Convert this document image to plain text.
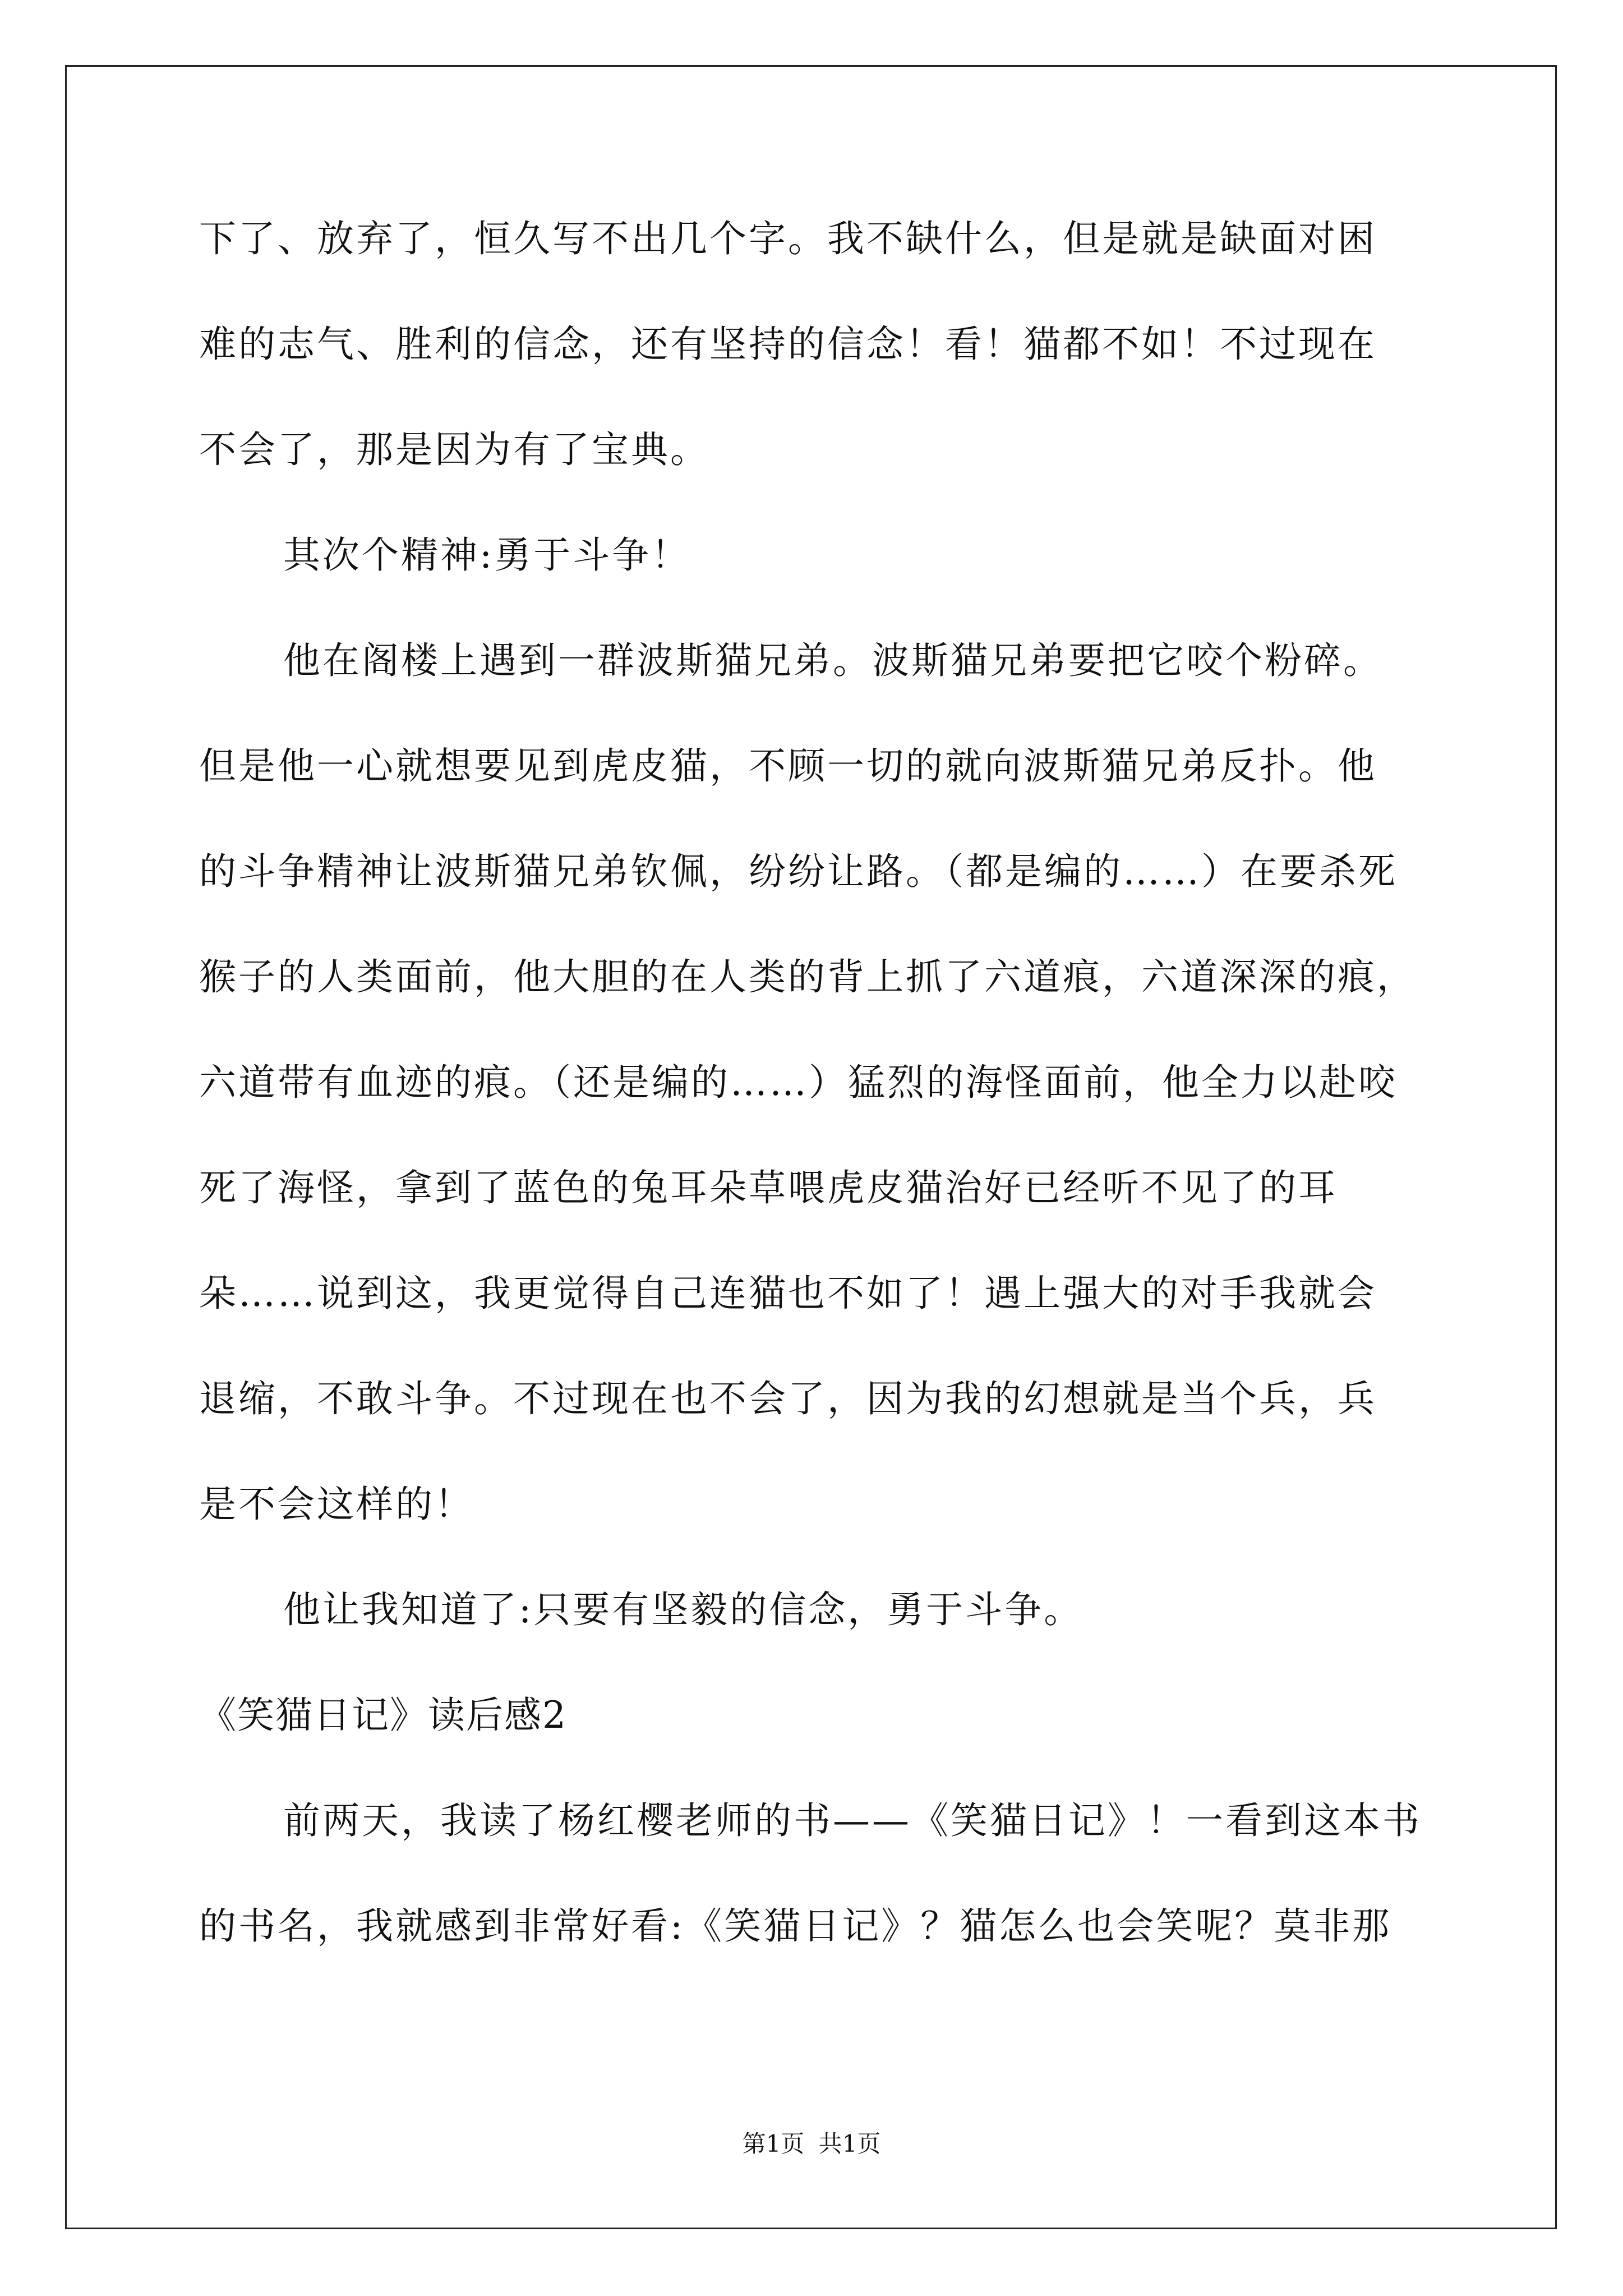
下了、放弃了，恒久写不出几个字。我不缺什么，但是就是缺面对困
难的志气、胜利的信念，还有坚持的信念！看！猫都不如！不过现在
不会了，那是因为有了宝典。
其次个精神:勇于斗争！
他在阁楼上遇到一群波斯猫兄弟。波斯猫兄弟要把它咬个粉碎。
但是他一心就想要见到虎皮猫，不顾一切的就向波斯猫兄弟反扑。他
的斗争精神让波斯猫兄弟钦佩，纷纷让路。（都是编的……）在要杀死
猴子的人类面前，他大胆的在人类的背上抓了六道痕，六道深深的痕，
六道带有血迹的痕。（还是编的……）猛烈的海怪面前，他全力以赴咬
死了海怪，拿到了蓝色的兔耳朵草喂虎皮猫治好已经听不见了的耳
朵……说到这，我更觉得自己连猫也不如了！遇上强大的对手我就会
退缩，不敢斗争。不过现在也不会了，因为我的幻想就是当个兵，兵
是不会这样的！
他让我知道了:只要有坚毅的信念，勇于斗争。
《笑猫日记》读后感2
前两天，我读了杨红樱老师的书——《笑猫日记》！一看到这本书
的书名，我就感到非常好看:《笑猫日记》？猫怎么也会笑呢？莫非那
第1页 共1页
